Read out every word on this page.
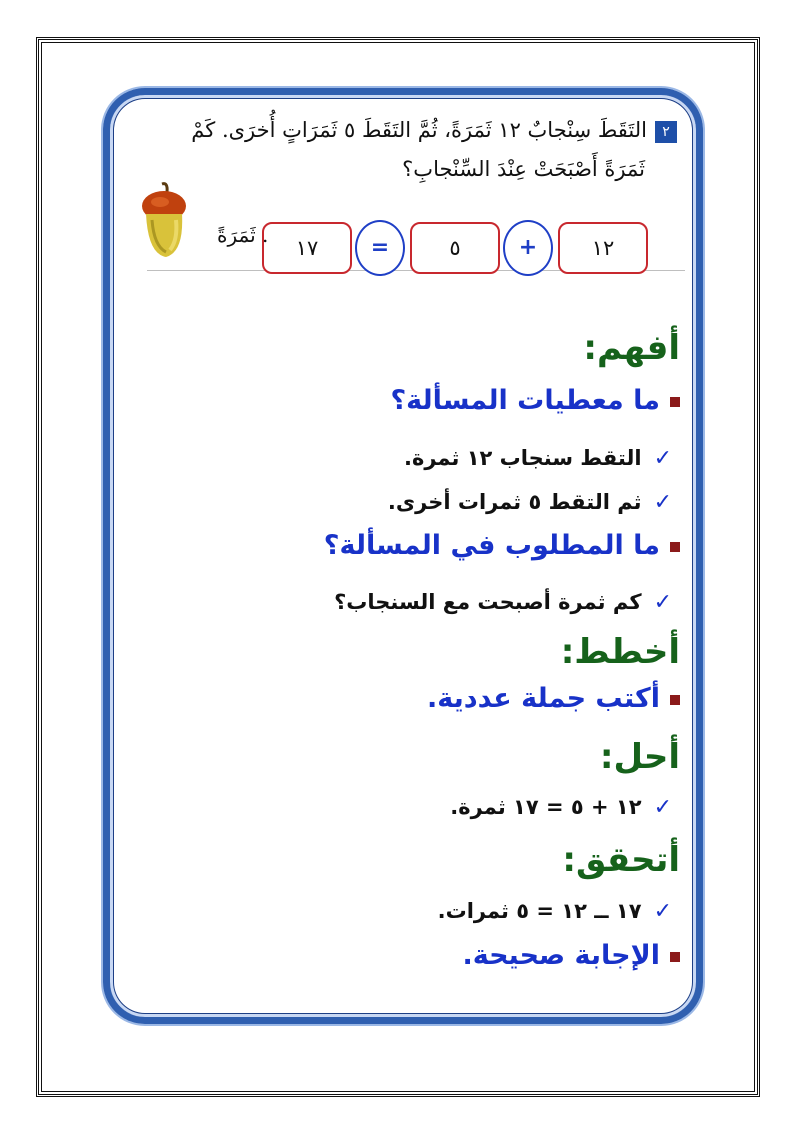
٢التَقَطَ سِنْجابٌ ١٢ ثَمَرَةً، ثُمَّ التَقَطَ ٥ ثَمَرَاتٍ أُخرَى. كَمْ
ثَمَرَةً أَصْبَحَتْ عِنْدَ السِّنْجابِ؟
١٢
+
٥
=
١٧
. ثَمَرَةً
أفهم:
ما معطيات المسألة؟
✓التقط سنجاب ١٢ ثمرة.
✓ثم التقط ٥ ثمرات أخرى.
ما المطلوب في المسألة؟
✓كم ثمرة أصبحت مع السنجاب؟
أخطط:
أكتب جملة عددية.
أحل:
✓١٢ + ٥ = ١٧ ثمرة.
أتحقق:
✓١٧ ــ ١٢ = ٥ ثمرات.
الإجابة صحيحة.
